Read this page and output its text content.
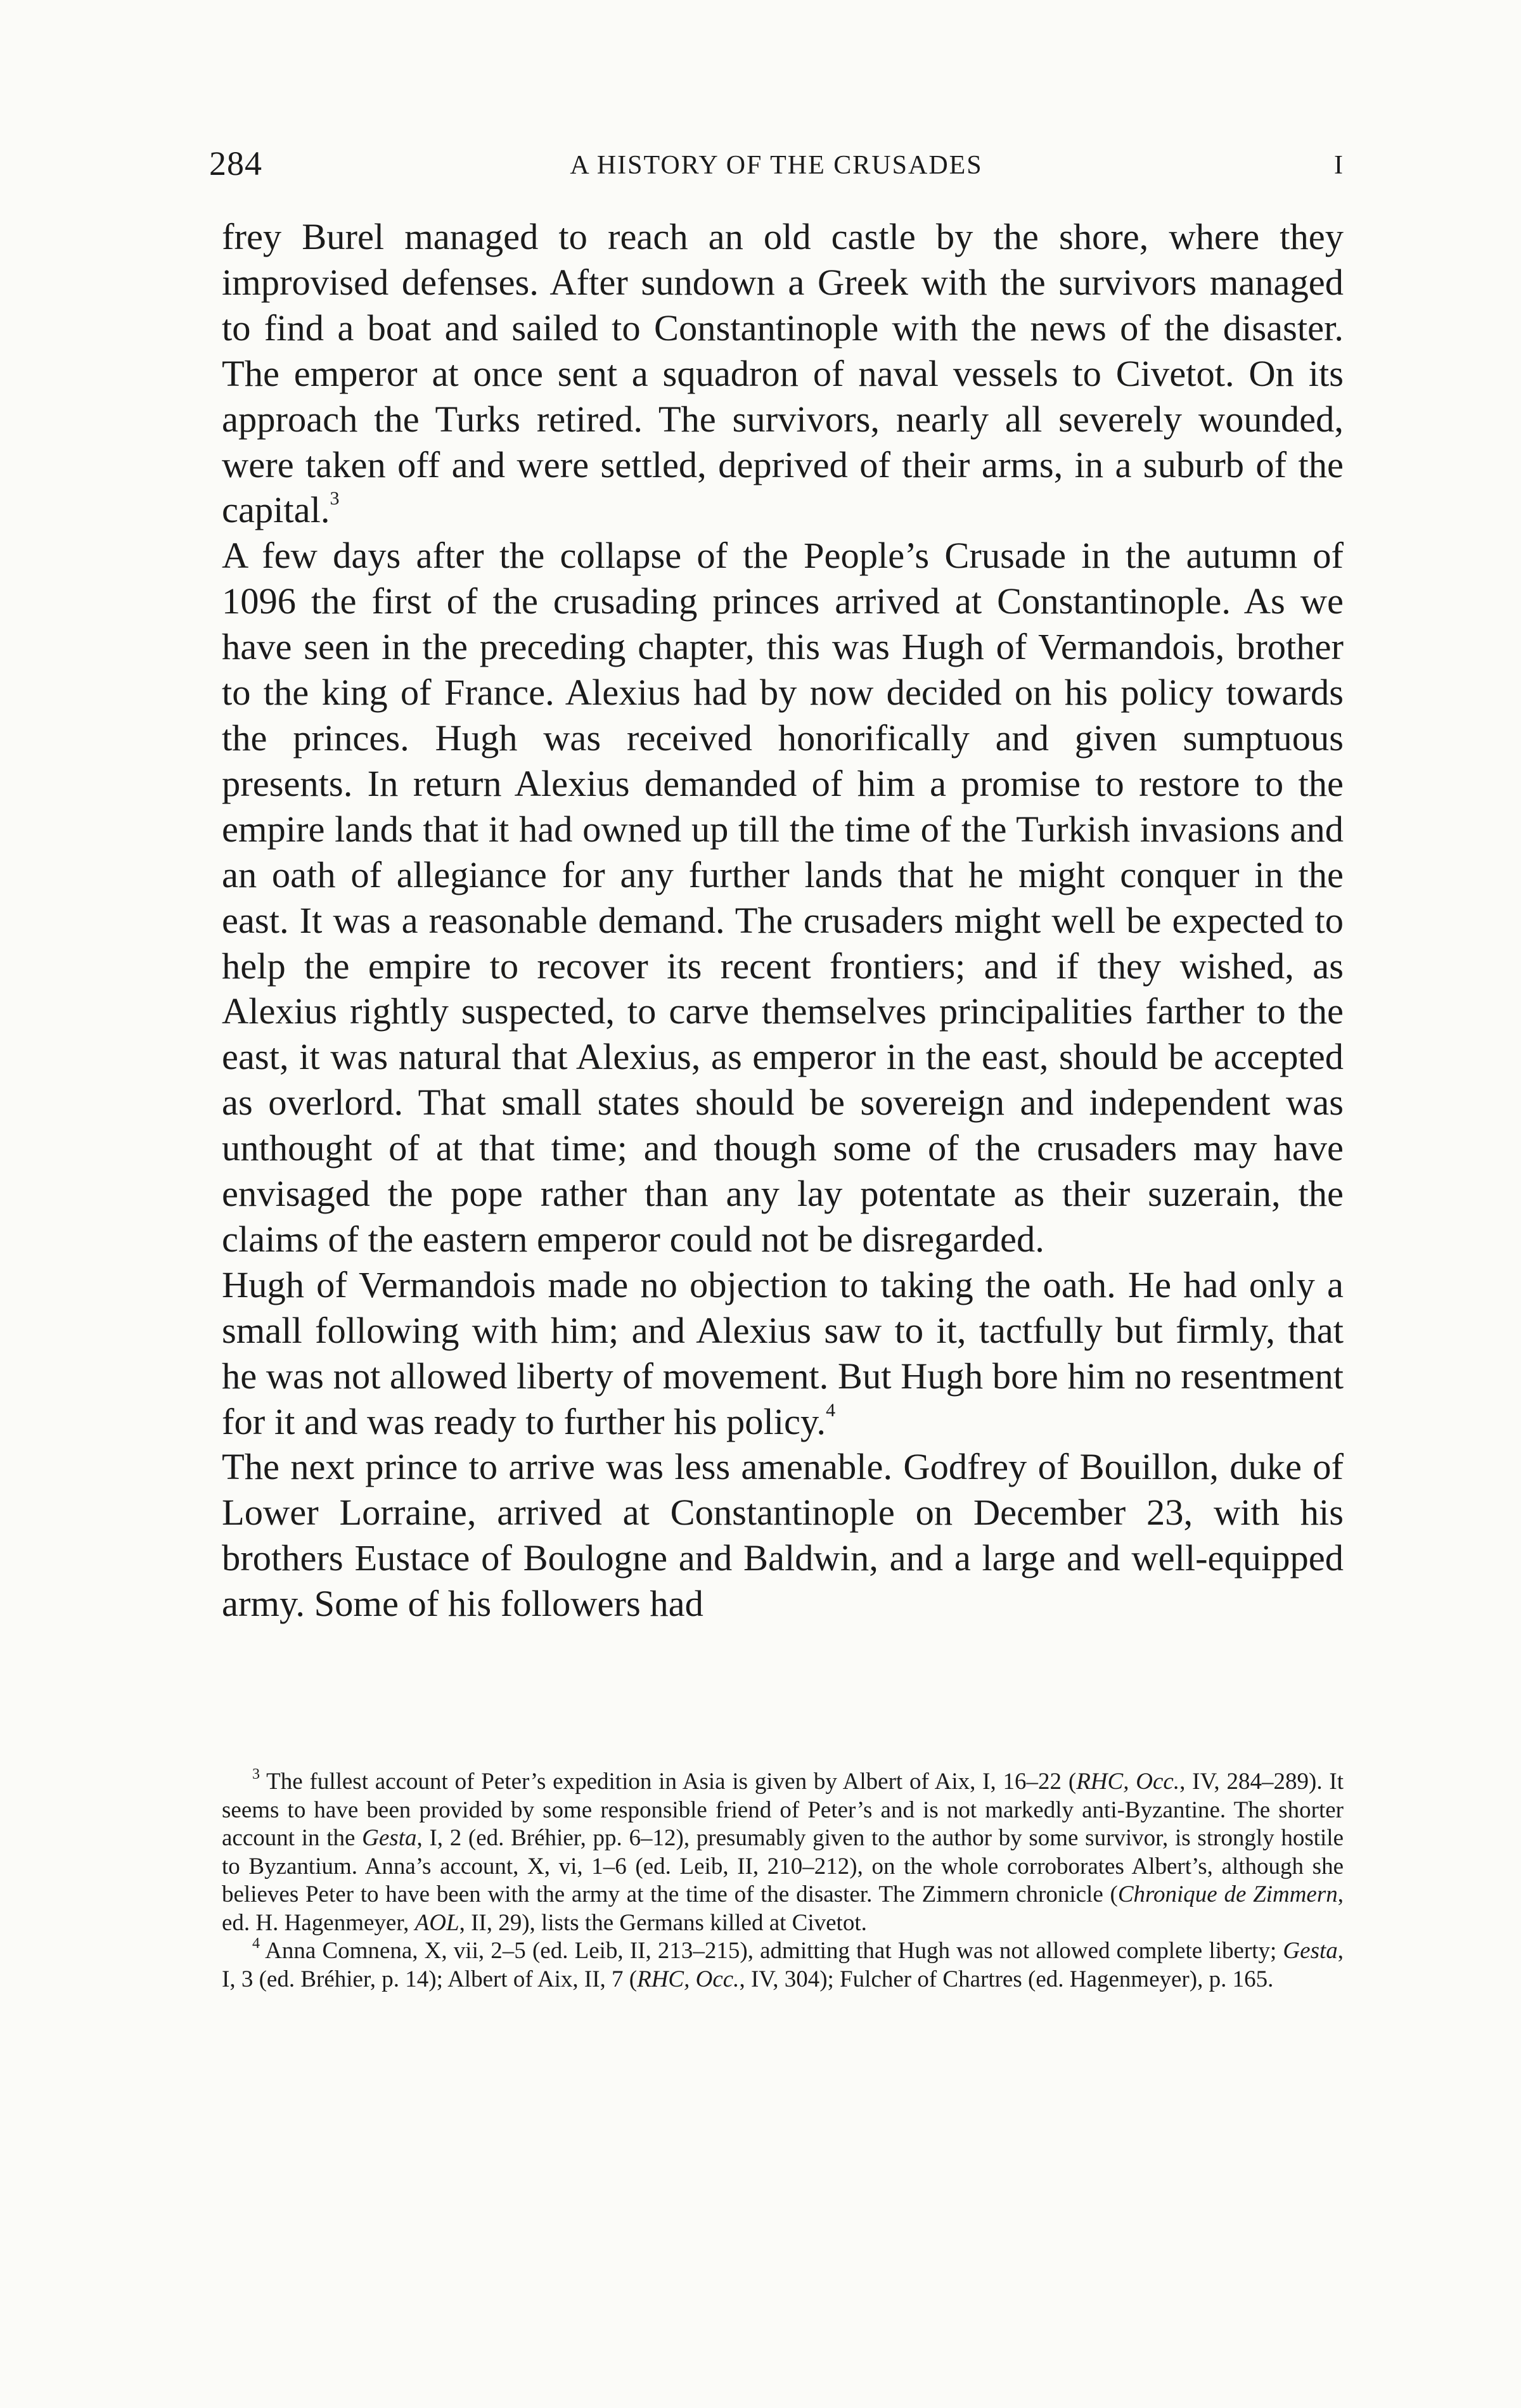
284	A HISTORY OF THE CRUSADES	I

frey Burel managed to reach an old castle by the shore, where they improvised defenses. After sundown a Greek with the survivors managed to find a boat and sailed to Constantinople with the news of the disaster. The emperor at once sent a squadron of naval vessels to Civetot. On its approach the Turks retired. The survivors, nearly all severely wounded, were taken off and were settled, deprived of their arms, in a suburb of the capital.$^3$

A few days after the collapse of the People’s Crusade in the autumn of 1096 the first of the crusading princes arrived at Constantinople. As we have seen in the preceding chapter, this was Hugh of Vermandois, brother to the king of France. Alexius had by now decided on his policy towards the princes. Hugh was received honorifically and given sumptuous presents. In return Alexius demanded of him a promise to restore to the empire lands that it had owned up till the time of the Turkish invasions and an oath of allegiance for any further lands that he might conquer in the east. It was a reasonable demand. The crusaders might well be expected to help the empire to recover its recent frontiers; and if they wished, as Alexius rightly suspected, to carve themselves principalities farther to the east, it was natural that Alexius, as emperor in the east, should be accepted as overlord. That small states should be sovereign and independent was unthought of at that time; and though some of the crusaders may have envisaged the pope rather than any lay potentate as their suzerain, the claims of the eastern emperor could not be disregarded.

Hugh of Vermandois made no objection to taking the oath. He had only a small following with him; and Alexius saw to it, tactfully but firmly, that he was not allowed liberty of movement. But Hugh bore him no resentment for it and was ready to further his policy.$^4$

The next prince to arrive was less amenable. Godfrey of Bouillon, duke of Lower Lorraine, arrived at Constantinople on December 23, with his brothers Eustace of Boulogne and Baldwin, and a large and well-equipped army. Some of his followers had

$^3$ The fullest account of Peter’s expedition in Asia is given by Albert of Aix, I, 16–22 (RHC, Occ., IV, 284–289). It seems to have been provided by some responsible friend of Peter’s and is not markedly anti-Byzantine. The shorter account in the Gesta, I, 2 (ed. Bréhier, pp. 6–12), presumably given to the author by some survivor, is strongly hostile to Byzantium. Anna’s account, X, vi, 1–6 (ed. Leib, II, 210–212), on the whole corroborates Albert’s, although she believes Peter to have been with the army at the time of the disaster. The Zimmern chronicle (Chronique de Zimmern, ed. H. Hagenmeyer, AOL, II, 29), lists the Germans killed at Civetot.

$^4$ Anna Comnena, X, vii, 2–5 (ed. Leib, II, 213–215), admitting that Hugh was not allowed complete liberty; Gesta, I, 3 (ed. Bréhier, p. 14); Albert of Aix, II, 7 (RHC, Occ., IV, 304); Fulcher of Chartres (ed. Hagenmeyer), p. 165.
